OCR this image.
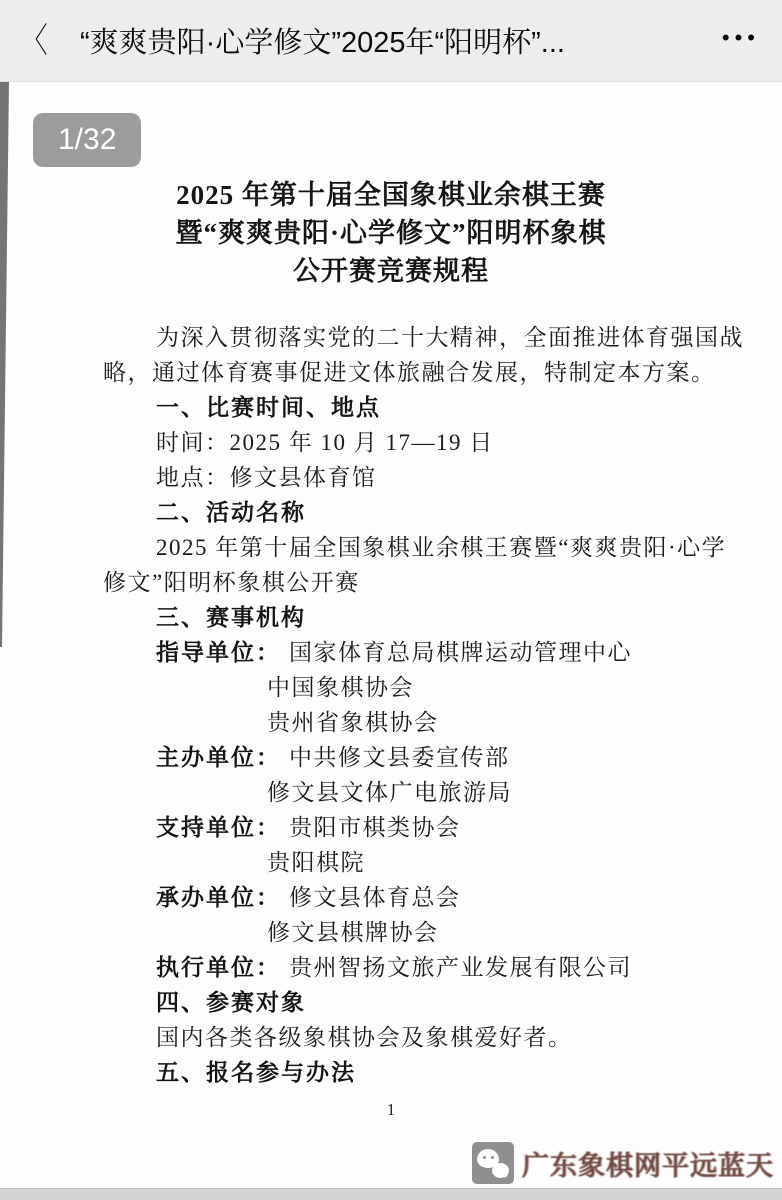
〈 “爽爽贵阳·心学修文”2025年“阳明杯”...	•••
1/32
2025 年第十届全国象棋业余棋王赛
暨“爽爽贵阳·心学修文”阳明杯象棋
公开赛竞赛规程
为深入贯彻落实党的二十大精神，全面推进体育强国战
略，通过体育赛事促进文体旅融合发展，特制定本方案。
一、比赛时间、地点
时间：2025 年 10 月 17—19 日
地点：修文县体育馆
二、活动名称
2025 年第十届全国象棋业余棋王赛暨“爽爽贵阳·心学
修文”阳明杯象棋公开赛
三、赛事机构
指导单位： 国家体育总局棋牌运动管理中心
中国象棋协会
贵州省象棋协会
主办单位： 中共修文县委宣传部
修文县文体广电旅游局
支持单位： 贵阳市棋类协会
贵阳棋院
承办单位： 修文县体育总会
修文县棋牌协会
执行单位： 贵州智扬文旅产业发展有限公司
四、参赛对象
国内各类各级象棋协会及象棋爱好者。
五、报名参与办法
1
广东象棋网平远蓝天
